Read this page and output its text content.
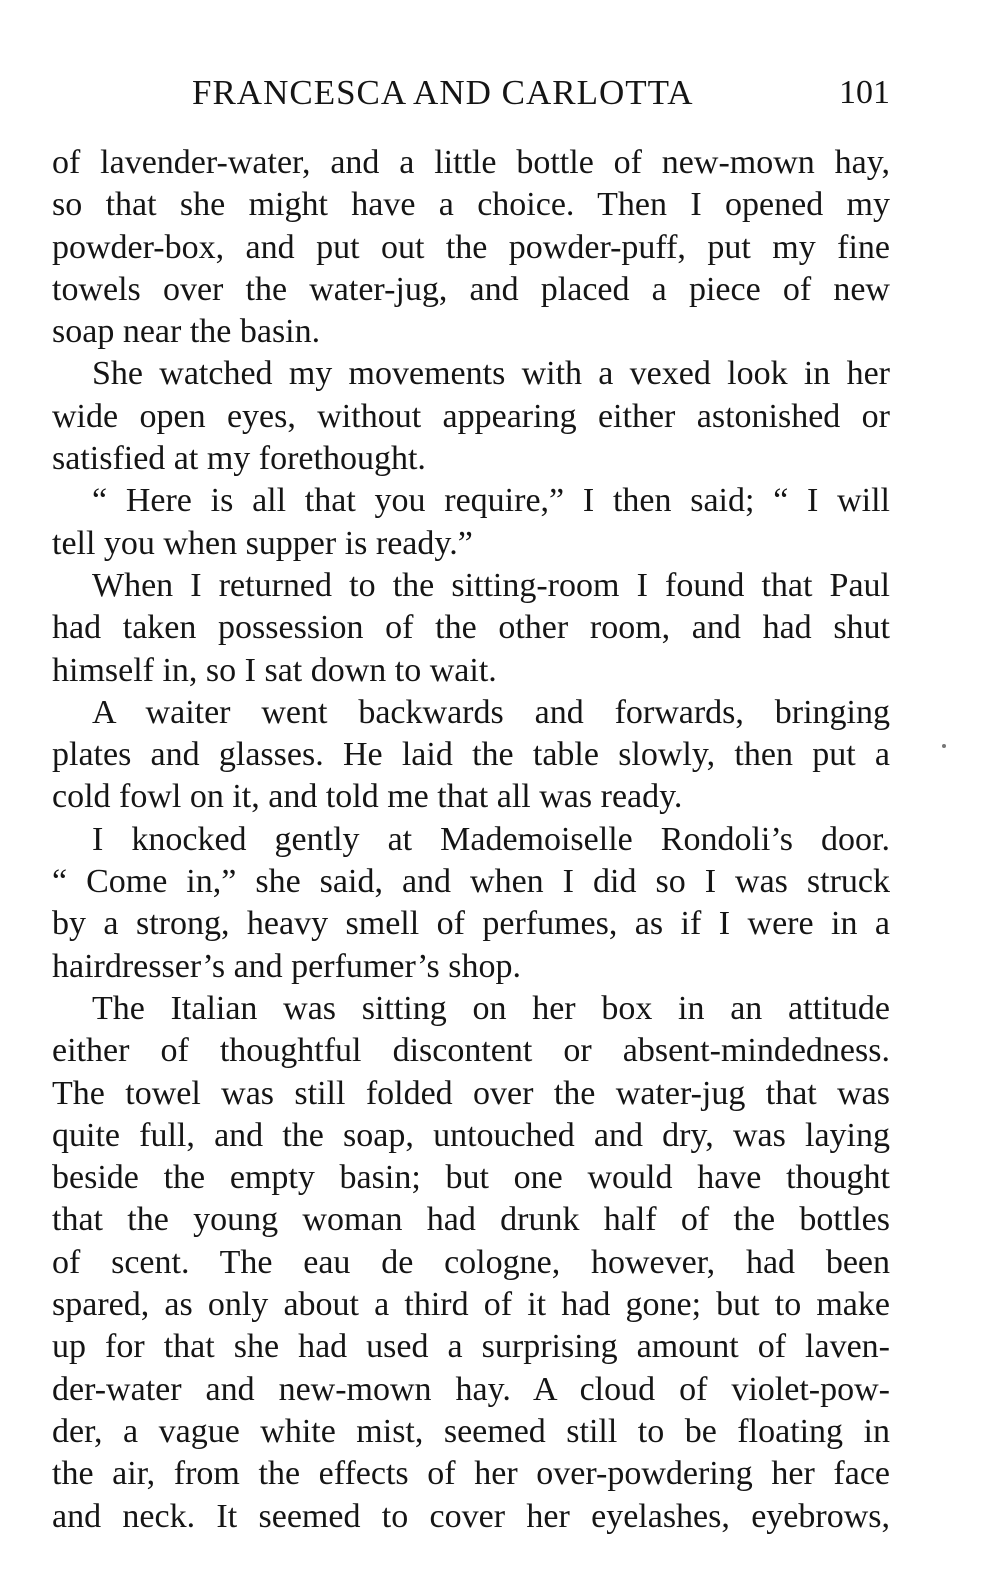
FRANCESCA AND CARLOTTA	101
of lavender-water, and a little bottle of new-mown hay,
so that she might have a choice. Then I opened my
powder-box, and put out the powder-puff, put my fine
towels over the water-jug, and placed a piece of new
soap near the basin.
She watched my movements with a vexed look in her
wide open eyes, without appearing either astonished or
satisfied at my forethought.
“ Here is all that you require,” I then said; “ I will
tell you when supper is ready.”
When I returned to the sitting-room I found that Paul
had taken possession of the other room, and had shut
himself in, so I sat down to wait.
A waiter went backwards and forwards, bringing
plates and glasses. He laid the table slowly, then put a
cold fowl on it, and told me that all was ready.
I knocked gently at Mademoiselle Rondoli’s door.
“ Come in,” she said, and when I did so I was struck
by a strong, heavy smell of perfumes, as if I were in a
hairdresser’s and perfumer’s shop.
The Italian was sitting on her box in an attitude
either of thoughtful discontent or absent-mindedness.
The towel was still folded over the water-jug that was
quite full, and the soap, untouched and dry, was laying
beside the empty basin; but one would have thought
that the young woman had drunk half of the bottles
of scent. The eau de cologne, however, had been
spared, as only about a third of it had gone; but to make
up for that she had used a surprising amount of laven-
der-water and new-mown hay. A cloud of violet-pow-
der, a vague white mist, seemed still to be floating in
the air, from the effects of her over-powdering her face
and neck. It seemed to cover her eyelashes, eyebrows,
